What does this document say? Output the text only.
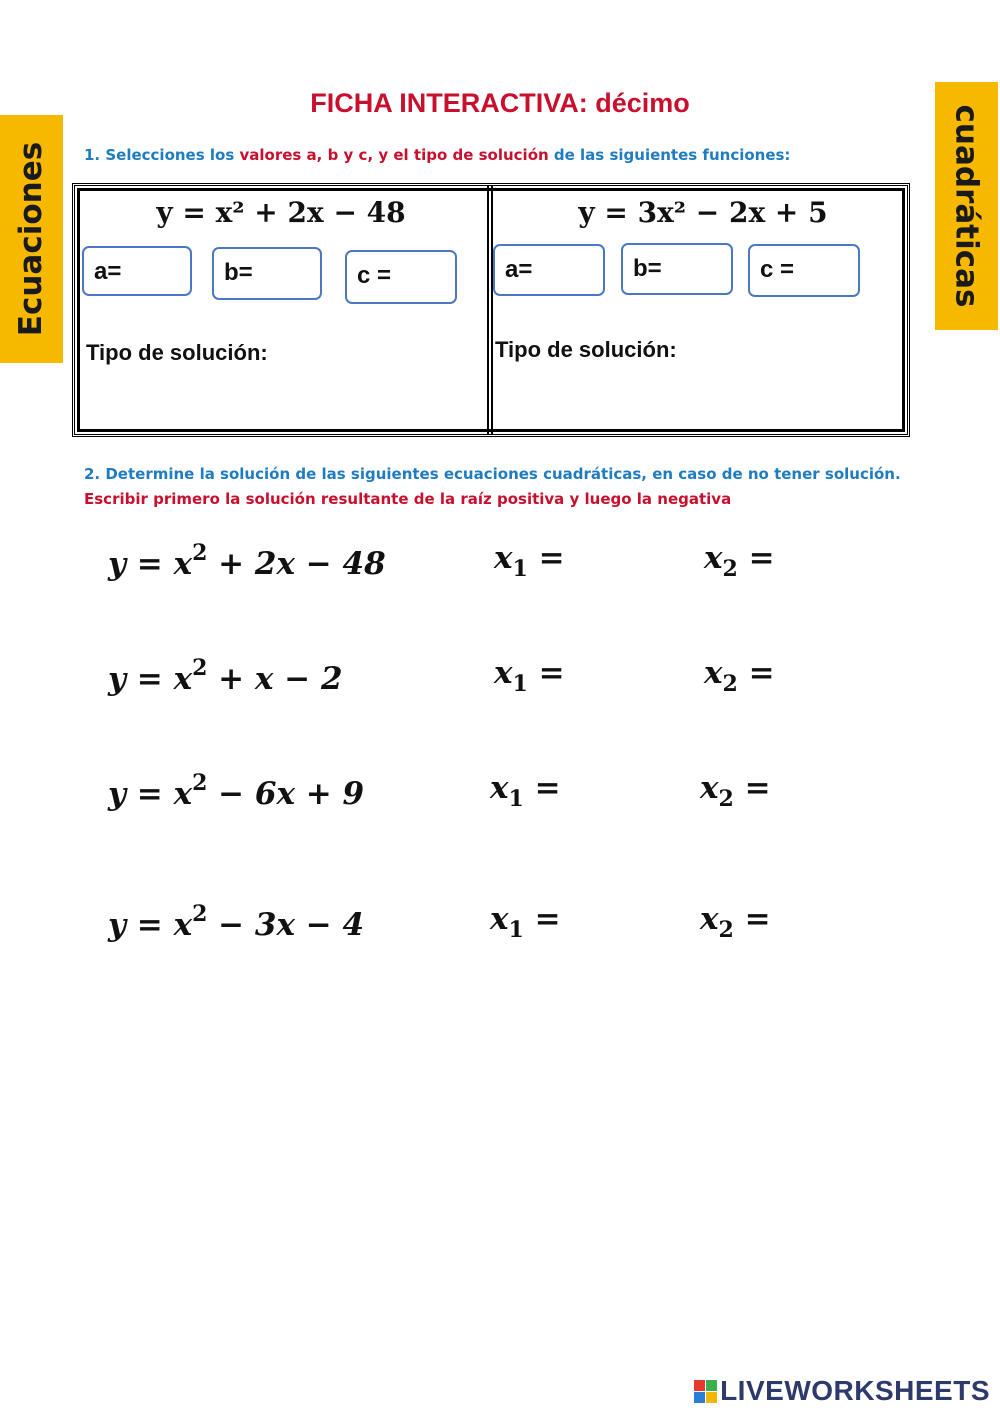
Ecuaciones	cuadráticas
FICHA INTERACTIVA: décimo
1. Selecciones los valores a, b y c, y el tipo de solución de las siguientes funciones:
y = x² + 2x − 48
a=	b=	c =
Tipo de solución:
y = 3x² − 2x + 5
a=	b=	c =
Tipo de solución:
2. Determine la solución de las siguientes ecuaciones cuadráticas, en caso de no tener solución.
Escribir primero la solución resultante de la raíz positiva y luego la negativa
$y = x^2 + 2x - 48$	$x_1$ =	$x_2$ =
$y = x^2 + x - 2$	$x_1$ =	$x_2$ =
$y = x^2 - 6x + 9$	$x_1$ =	$x_2$ =
$y = x^2 - 3x - 4$	$x_1$ =	$x_2$ =
LIVEWORKSHEETS
